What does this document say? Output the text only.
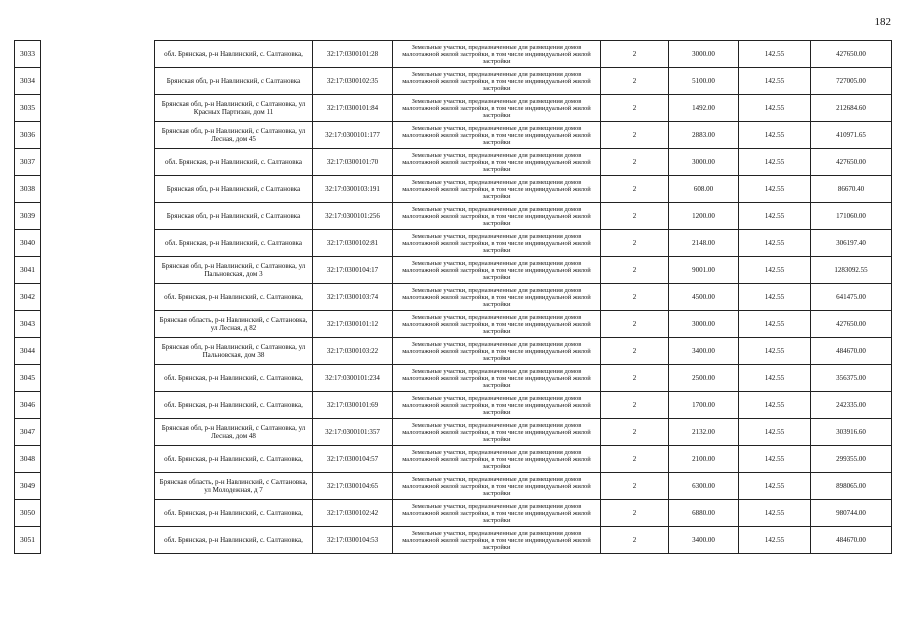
182
3033		обл. Брянская, р-н Навлинский, с. Салтановка,	32:17:0300101:28	Земельные участки, предназначенные для размещения домов малоэтажной жилой застройки, в том числе индивидуальной жилой застройки	2	3000.00	142.55	427650.00
3034		Брянская обл, р-н Навлинский, с Салтановка	32:17:0300102:35	Земельные участки, предназначенные для размещения домов малоэтажной жилой застройки, в том числе индивидуальной жилой застройки	2	5100.00	142.55	727005.00
3035		Брянская обл, р-н Навлинский, с Салтановка, ул Красных Партизан, дом 11	32:17:0300101:84	Земельные участки, предназначенные для размещения домов малоэтажной жилой застройки, в том числе индивидуальной жилой застройки	2	1492.00	142.55	212684.60
3036		Брянская обл, р-н Навлинский, с Салтановка, ул Лесная, дом 45	32:17:0300101:177	Земельные участки, предназначенные для размещения домов малоэтажной жилой застройки, в том числе индивидуальной жилой застройки	2	2883.00	142.55	410971.65
3037		обл. Брянская, р-н Навлинский, с. Салтановка	32:17:0300101:70	Земельные участки, предназначенные для размещения домов малоэтажной жилой застройки, в том числе индивидуальной жилой застройки	2	3000.00	142.55	427650.00
3038		Брянская обл, р-н Навлинский, с Салтановка	32:17:0300103:191	Земельные участки, предназначенные для размещения домов малоэтажной жилой застройки, в том числе индивидуальной жилой застройки	2	608.00	142.55	86670.40
3039		Брянская обл, р-н Навлинский, с Салтановка	32:17:0300101:256	Земельные участки, предназначенные для размещения домов малоэтажной жилой застройки, в том числе индивидуальной жилой застройки	2	1200.00	142.55	171060.00
3040		обл. Брянская, р-н Навлинский, с. Салтановка	32:17:0300102:81	Земельные участки, предназначенные для размещения домов малоэтажной жилой застройки, в том числе индивидуальной жилой застройки	2	2148.00	142.55	306197.40
3041		Брянская обл, р-н Навлинский, с Салтановка, ул Пальновская, дом 3	32:17:0300104:17	Земельные участки, предназначенные для размещения домов малоэтажной жилой застройки, в том числе индивидуальной жилой застройки	2	9001.00	142.55	1283092.55
3042		обл. Брянская, р-н Навлинский, с. Салтановка,	32:17:0300103:74	Земельные участки, предназначенные для размещения домов малоэтажной жилой застройки, в том числе индивидуальной жилой застройки	2	4500.00	142.55	641475.00
3043		Брянская область, р-н Навлинский, с Салтановка, ул Лесная, д 82	32:17:0300101:12	Земельные участки, предназначенные для размещения домов малоэтажной жилой застройки, в том числе индивидуальной жилой застройки	2	3000.00	142.55	427650.00
3044		Брянская обл, р-н Навлинский, с Салтановка, ул Пальновская, дом 38	32:17:0300103:22	Земельные участки, предназначенные для размещения домов малоэтажной жилой застройки, в том числе индивидуальной жилой застройки	2	3400.00	142.55	484670.00
3045		обл. Брянская, р-н Навлинский, с. Салтановка,	32:17:0300101:234	Земельные участки, предназначенные для размещения домов малоэтажной жилой застройки, в том числе индивидуальной жилой застройки	2	2500.00	142.55	356375.00
3046		обл. Брянская, р-н Навлинский, с. Салтановка,	32:17:0300101:69	Земельные участки, предназначенные для размещения домов малоэтажной жилой застройки, в том числе индивидуальной жилой застройки	2	1700.00	142.55	242335.00
3047		Брянская обл, р-н Навлинский, с Салтановка, ул Лесная, дом 48	32:17:0300101:357	Земельные участки, предназначенные для размещения домов малоэтажной жилой застройки, в том числе индивидуальной жилой застройки	2	2132.00	142.55	303916.60
3048		обл. Брянская, р-н Навлинский, с. Салтановка,	32:17:0300104:57	Земельные участки, предназначенные для размещения домов малоэтажной жилой застройки, в том числе индивидуальной жилой застройки	2	2100.00	142.55	299355.00
3049		Брянская область, р-н Навлинский, с Салтановка, ул Молодежная, д 7	32:17:0300104:65	Земельные участки, предназначенные для размещения домов малоэтажной жилой застройки, в том числе индивидуальной жилой застройки	2	6300.00	142.55	898065.00
3050		обл. Брянская, р-н Навлинский, с. Салтановка,	32:17:0300102:42	Земельные участки, предназначенные для размещения домов малоэтажной жилой застройки, в том числе индивидуальной жилой застройки	2	6880.00	142.55	980744.00
3051		обл. Брянская, р-н Навлинский, с. Салтановка,	32:17:0300104:53	Земельные участки, предназначенные для размещения домов малоэтажной жилой застройки, в том числе индивидуальной жилой застройки	2	3400.00	142.55	484670.00
